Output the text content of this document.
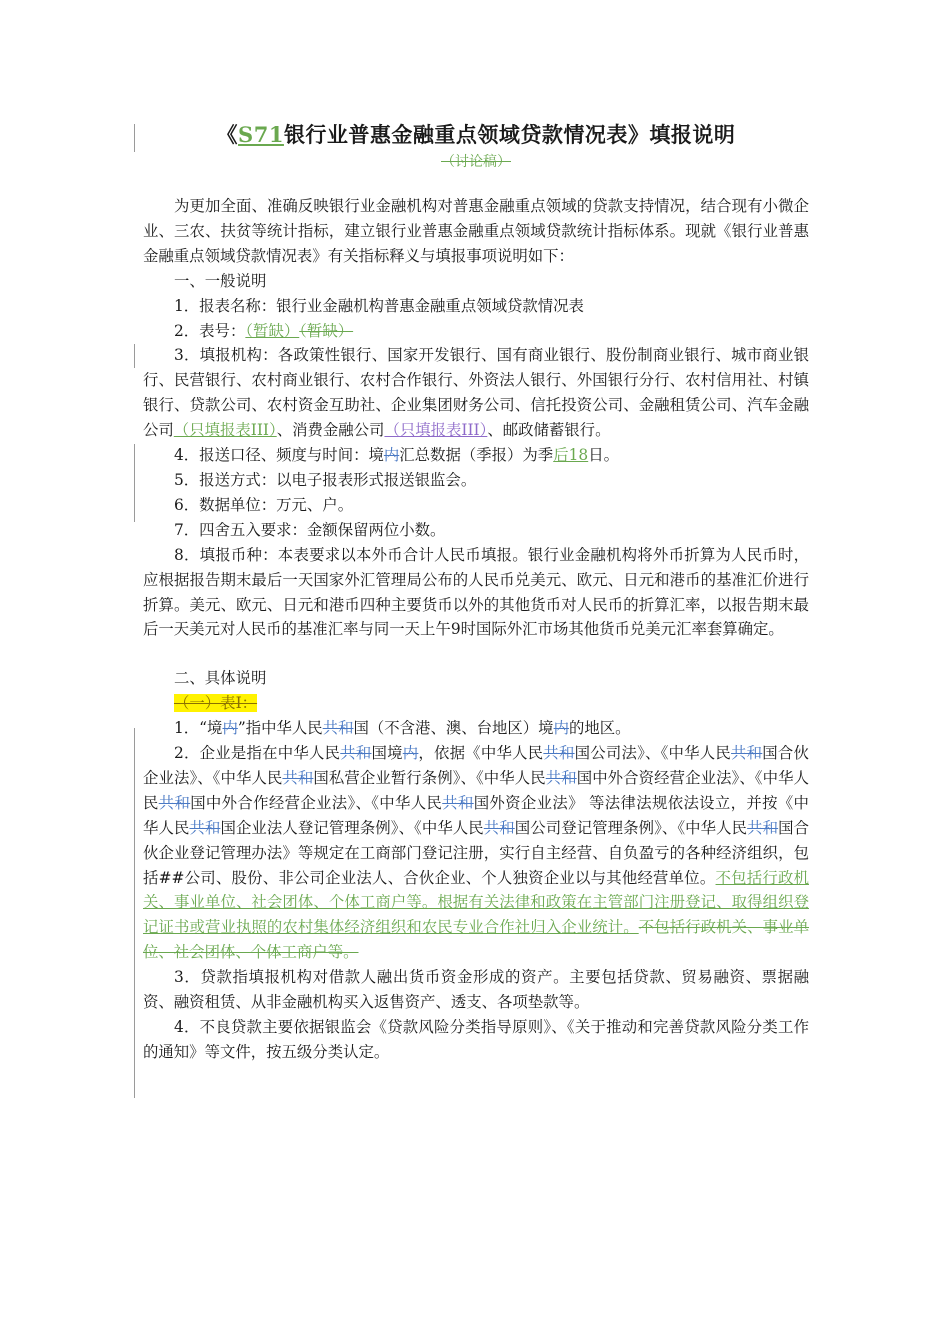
《S71银行业普惠金融重点领域贷款情况表》填报说明
（讨论稿）

为更加全面、准确反映银行业金融机构对普惠金融重点领域的贷款支持情况，结合现有小微企业、三农、扶贫等统计指标，建立银行业普惠金融重点领域贷款统计指标体系。现就《银行业普惠金融重点领域贷款情况表》有关指标释义与填报事项说明如下：

一、一般说明

1．报表名称：银行业金融机构普惠金融重点领域贷款情况表

2．表号：（暂缺）（暂缺）

3．填报机构：各政策性银行、国家开发银行、国有商业银行、股份制商业银行、城市商业银行、民营银行、农村商业银行、农村合作银行、外资法人银行、外国银行分行、农村信用社、村镇银行、贷款公司、农村资金互助社、企业集团财务公司、信托投资公司、金融租赁公司、汽车金融公司（只填报表III）、消费金融公司（只填报表III）、邮政储蓄银行。

4．报送口径、频度与时间：境内汇总数据（季报）为季后18日。

5．报送方式：以电子报表形式报送银监会。

6．数据单位：万元、户。

7．四舍五入要求：金额保留两位小数。

8．填报币种：本表要求以本外币合计人民币填报。银行业金融机构将外币折算为人民币时，应根据报告期末最后一天国家外汇管理局公布的人民币兑美元、欧元、日元和港币的基准汇价进行折算。美元、欧元、日元和港币四种主要货币以外的其他货币对人民币的折算汇率，以报告期末最后一天美元对人民币的基准汇率与同一天上午9时国际外汇市场其他货币兑美元汇率套算确定。

二、具体说明

（一）表I：

1．“境内”指中华人民共和国（不含港、澳、台地区）境内的地区。

2．企业是指在中华人民共和国境内，依据《中华人民共和国公司法》、《中华人民共和国合伙企业法》、《中华人民共和国私营企业暂行条例》、《中华人民共和国中外合资经营企业法》、《中华人民共和国中外合作经营企业法》、《中华人民共和国外资企业法》 等法律法规依法设立，并按《中华人民共和国企业法人登记管理条例》、《中华人民共和国公司登记管理条例》、《中华人民共和国合伙企业登记管理办法》等规定在工商部门登记注册，实行自主经营、自负盈亏的各种经济组织，包括##公司、股份、非公司企业法人、合伙企业、个人独资企业以与其他经营单位。不包括行政机关、事业单位、社会团体、个体工商户等。根据有关法律和政策在主管部门注册登记、取得组织登记证书或营业执照的农村集体经济组织和农民专业合作社归入企业统计。不包括行政机关、事业单位、社会团体、个体工商户等。

3．贷款指填报机构对借款人融出货币资金形成的资产。主要包括贷款、贸易融资、票据融资、融资租赁、从非金融机构买入返售资产、透支、各项垫款等。

4．不良贷款主要依据银监会《贷款风险分类指导原则》、《关于推动和完善贷款风险分类工作的通知》等文件，按五级分类认定。
